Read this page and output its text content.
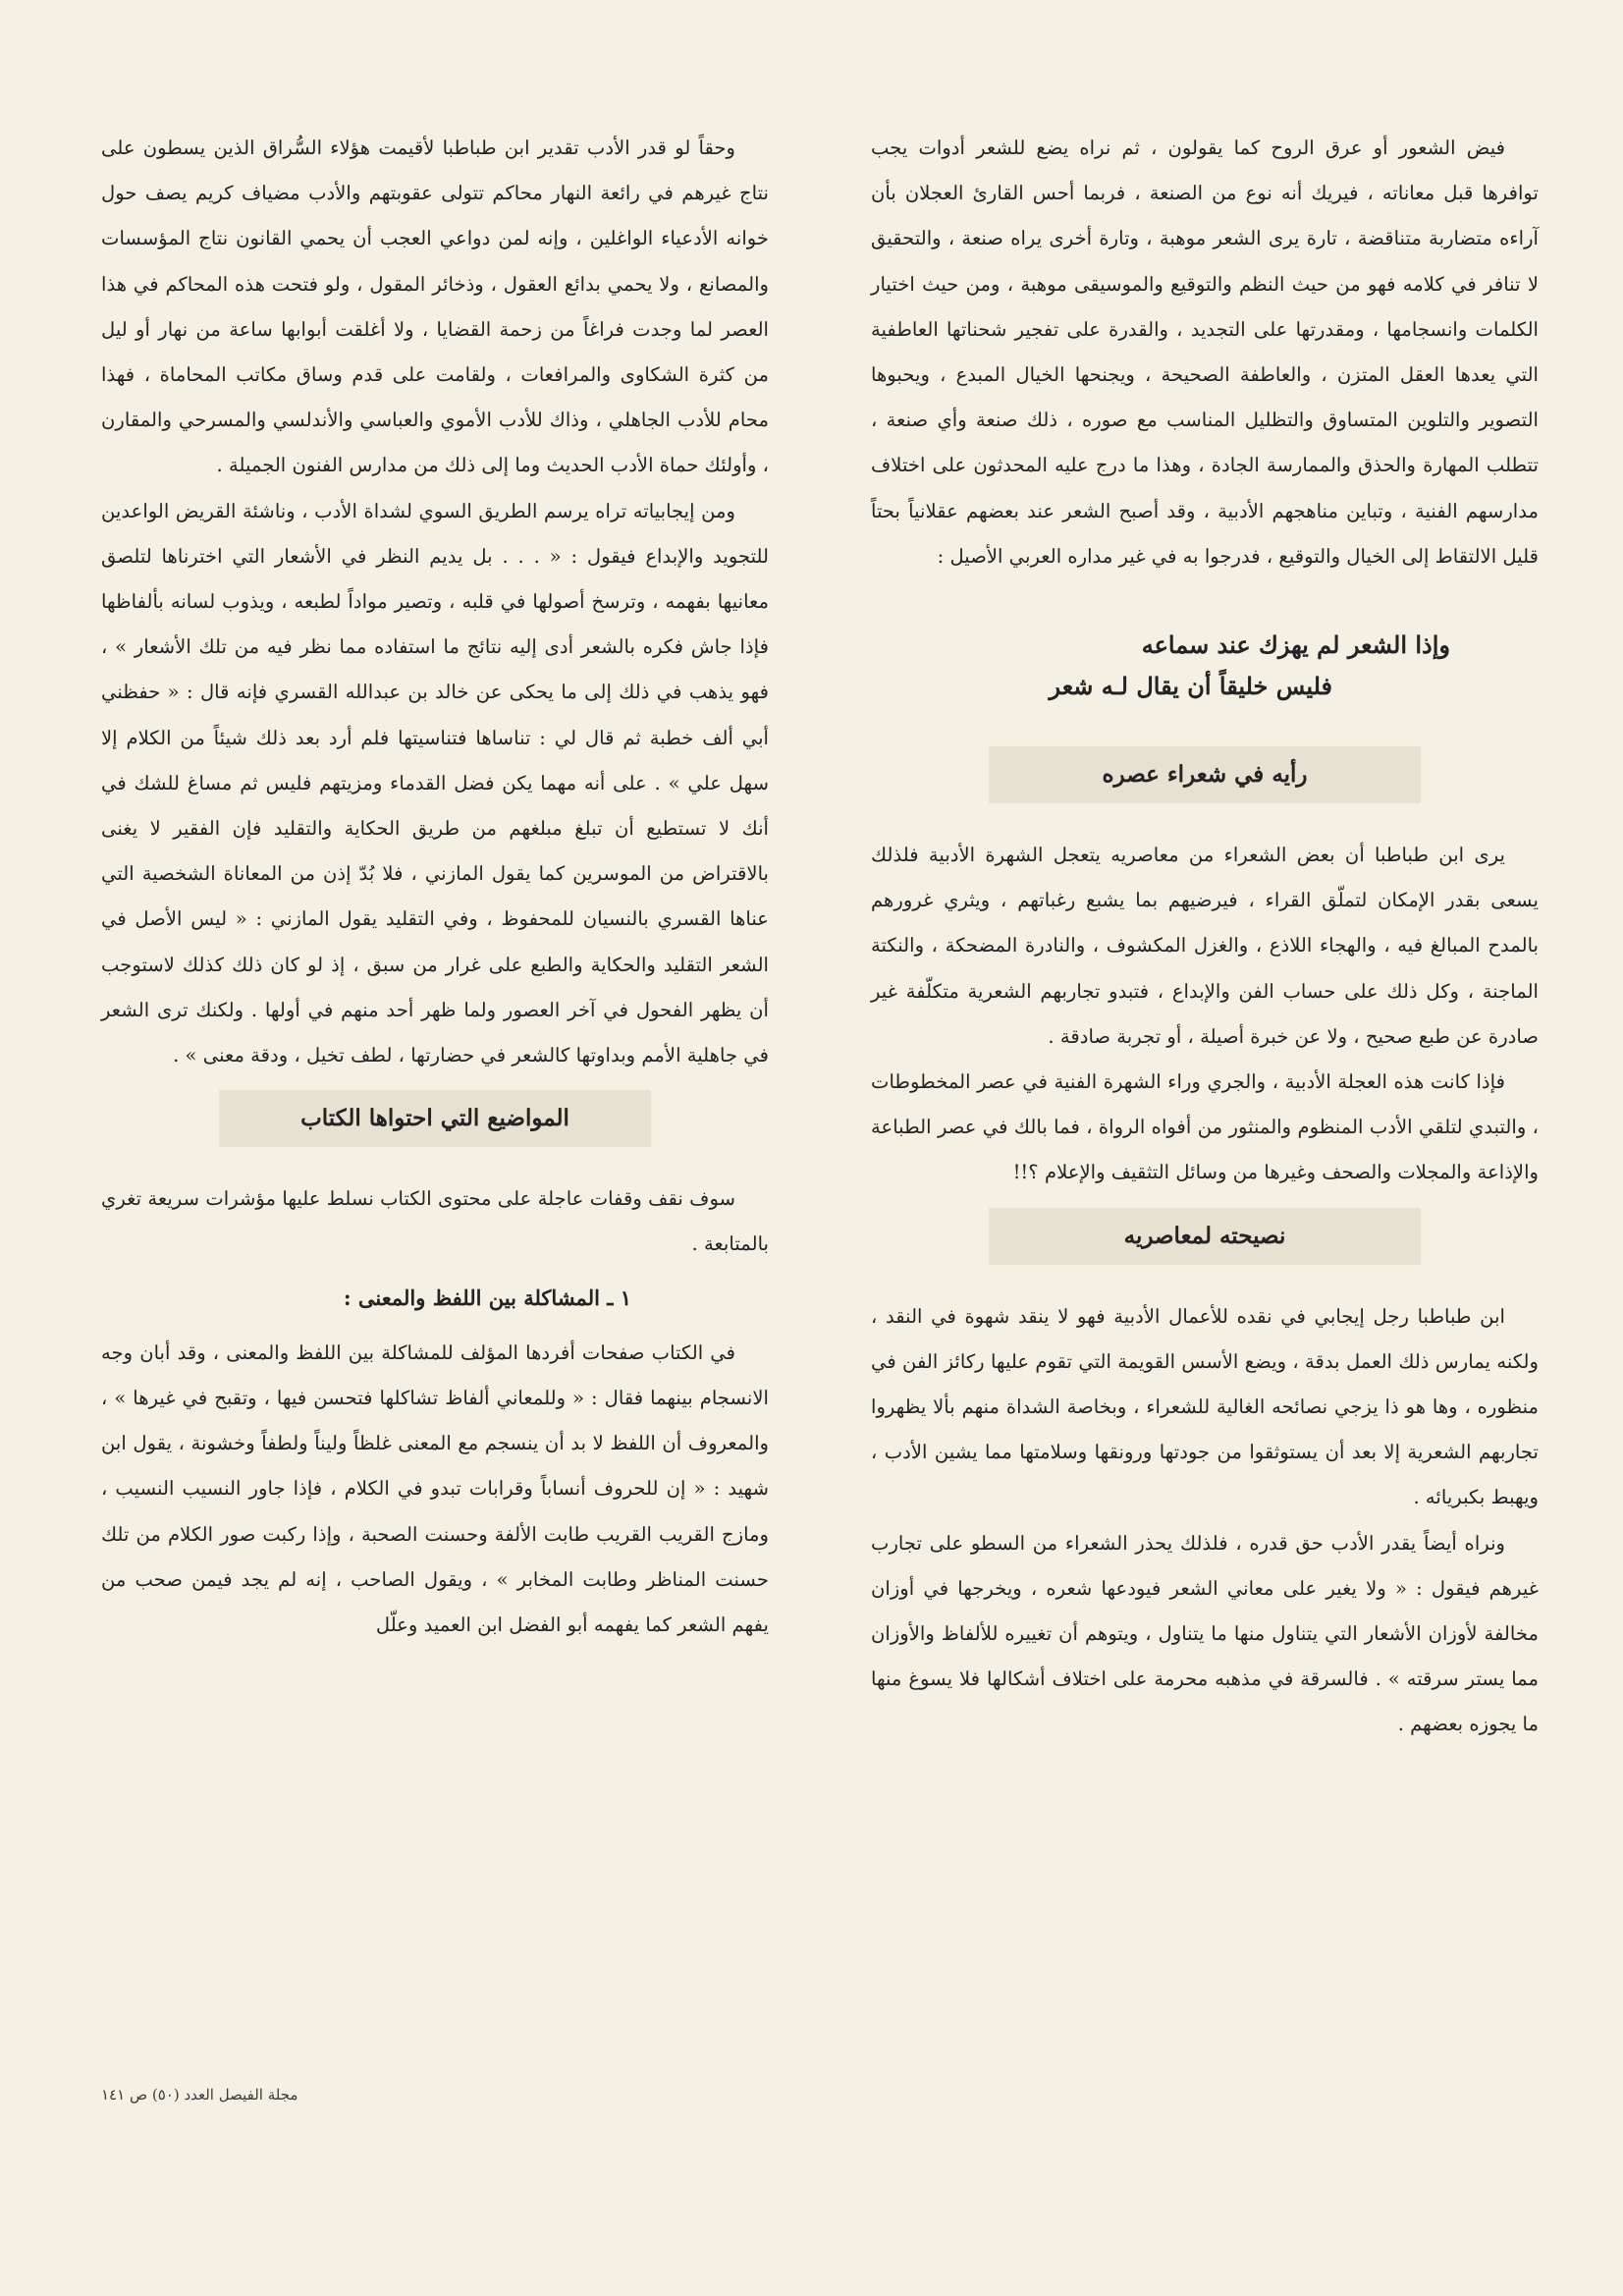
فيض الشعور أو عرق الروح كما يقولون ، ثم نراه يضع للشعر أدوات يجب توافرها قبل معاناته ، فيريك أنه نوع من الصنعة ، فربما أحس القارئ العجلان بأن آراءه متضاربة متناقضة ، تارة يرى الشعر موهبة ، وتارة أخرى يراه صنعة ، والتحقيق لا تنافر في كلامه فهو من حيث النظم والتوقيع والموسيقى موهبة ، ومن حيث اختيار الكلمات وانسجامها ، ومقدرتها على التجديد ، والقدرة على تفجير شحناتها العاطفية التي يعدها العقل المتزن ، والعاطفة الصحيحة ، ويجنحها الخيال المبدع ، ويحبوها التصوير والتلوين المتساوق والتظليل المناسب مع صوره ، ذلك صنعة وأي صنعة ، تتطلب المهارة والحذق والممارسة الجادة ، وهذا ما درج عليه المحدثون على اختلاف مدارسهم الفنية ، وتباين مناهجهم الأدبية ، وقد أصبح الشعر عند بعضهم عقلانياً بحتاً قليل الالتقاط إلى الخيال والتوقيع ، فدرجوا به في غير مداره العربي الأصيل :

وإذا الشعر لم يهزك عند سماعه
فليس خليقاً أن يقال لـه شعر
رأيه في شعراء عصره

يرى ابن طباطبا أن بعض الشعراء من معاصريه يتعجل الشهرة الأدبية فلذلك يسعى بقدر الإمكان لتملّق القراء ، فيرضيهم بما يشبع رغباتهم ، ويثري غرورهم بالمدح المبالغ فيه ، والهجاء اللاذع ، والغزل المكشوف ، والنادرة المضحكة ، والنكتة الماجنة ، وكل ذلك على حساب الفن والإبداع ، فتبدو تجاربهم الشعرية متكلّفة غير صادرة عن طبع صحيح ، ولا عن خبرة أصيلة ، أو تجربة صادقة .

فإذا كانت هذه العجلة الأدبية ، والجري وراء الشهرة الفنية في عصر المخطوطات ، والتبدي لتلقي الأدب المنظوم والمنثور من أفواه الرواة ، فما بالك في عصر الطباعة والإذاعة والمجلات والصحف وغيرها من وسائل التثقيف والإعلام ؟!!

نصيحته لمعاصريه

ابن طباطبا رجل إيجابي في نقده للأعمال الأدبية فهو لا ينقد شهوة في النقد ، ولكنه يمارس ذلك العمل بدقة ، ويضع الأسس القويمة التي تقوم عليها ركائز الفن في منظوره ، وها هو ذا يزجي نصائحه الغالية للشعراء ، وبخاصة الشداة منهم بألا يظهروا تجاربهم الشعرية إلا بعد أن يستوثقوا من جودتها ورونقها وسلامتها مما يشين الأدب ، ويهبط بكبريائه .

ونراه أيضاً يقدر الأدب حق قدره ، فلذلك يحذر الشعراء من السطو على تجارب غيرهم فيقول : « ولا يغير على معاني الشعر فيودعها شعره ، ويخرجها في أوزان مخالفة لأوزان الأشعار التي يتناول منها ما يتناول ، ويتوهم أن تغييره للألفاظ والأوزان مما يستر سرقته » . فالسرقة في مذهبه محرمة على اختلاف أشكالها فلا يسوغ منها ما يجوزه بعضهم .

وحقاً لو قدر الأدب تقدير ابن طباطبا لأقيمت هؤلاء السُّراق الذين يسطون على نتاج غيرهم في رائعة النهار محاكم تتولى عقوبتهم والأدب مضياف كريم يصف حول خوانه الأدعياء الواغلين ، وإنه لمن دواعي العجب أن يحمي القانون نتاج المؤسسات والمصانع ، ولا يحمي بدائع العقول ، وذخائر المقول ، ولو فتحت هذه المحاكم في هذا العصر لما وجدت فراغاً من زحمة القضايا ، ولا أغلقت أبوابها ساعة من نهار أو ليل من كثرة الشكاوى والمرافعات ، ولقامت على قدم وساق مكاتب المحاماة ، فهذا محام للأدب الجاهلي ، وذاك للأدب الأموي والعباسي والأندلسي والمسرحي والمقارن ، وأولئك حماة الأدب الحديث وما إلى ذلك من مدارس الفنون الجميلة .

ومن إيجابياته تراه يرسم الطريق السوي لشداة الأدب ، وناشئة القريض الواعدين للتجويد والإبداع فيقول : « . . . بل يديم النظر في الأشعار التي اخترناها لتلصق معانيها بفهمه ، وترسخ أصولها في قلبه ، وتصير مواداً لطبعه ، ويذوب لسانه بألفاظها فإذا جاش فكره بالشعر أدى إليه نتائج ما استفاده مما نظر فيه من تلك الأشعار » ، فهو يذهب في ذلك إلى ما يحكى عن خالد بن عبدالله القسري فإنه قال : « حفظني أبي ألف خطبة ثم قال لي : تناساها فتناسيتها فلم أرد بعد ذلك شيئاً من الكلام إلا سهل علي » . على أنه مهما يكن فضل القدماء ومزيتهم فليس ثم مساغ للشك في أنك لا تستطيع أن تبلغ مبلغهم من طريق الحكاية والتقليد فإن الفقير لا يغنى بالاقتراض من الموسرين كما يقول المازني ، فلا بُدّ إذن من المعاناة الشخصية التي عناها القسري بالنسيان للمحفوظ ، وفي التقليد يقول المازني : « ليس الأصل في الشعر التقليد والحكاية والطبع على غرار من سبق ، إذ لو كان ذلك كذلك لاستوجب أن يظهر الفحول في آخر العصور ولما ظهر أحد منهم في أولها . ولكنك ترى الشعر في جاهلية الأمم وبداوتها كالشعر في حضارتها ، لطف تخيل ، ودقة معنى » .

المواضيع التي احتواها الكتاب

سوف نقف وقفات عاجلة على محتوى الكتاب نسلط عليها مؤشرات سريعة تغري بالمتابعة .

١ ـ المشاكلة بين اللفظ والمعنى :

في الكتاب صفحات أفردها المؤلف للمشاكلة بين اللفظ والمعنى ، وقد أبان وجه الانسجام بينهما فقال : « وللمعاني ألفاظ تشاكلها فتحسن فيها ، وتقبح في غيرها » ، والمعروف أن اللفظ لا بد أن ينسجم مع المعنى غلظاً وليناً ولطفاً وخشونة ، يقول ابن شهيد : « إن للحروف أنساباً وقرابات تبدو في الكلام ، فإذا جاور النسيب النسيب ، ومازج القريب القريب طابت الألفة وحسنت الصحبة ، وإذا ركبت صور الكلام من تلك حسنت المناظر وطابت المخابر » ، ويقول الصاحب ، إنه لم يجد فيمن صحب من يفهم الشعر كما يفهمه أبو الفضل ابن العميد وعلّل

مجلة الفيصل العدد (٥٠) ص ١٤١
